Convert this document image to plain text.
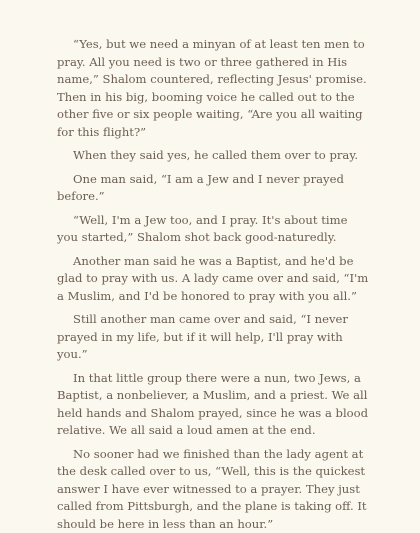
“Yes, but we need a minyan of at least ten men to pray. All you need is two or three gathered in His name,” Shalom countered, reflecting Jesus' promise. Then in his big, booming voice he called out to the other five or six people waiting, “Are you all waiting for this flight?”

When they said yes, he called them over to pray.

One man said, “I am a Jew and I never prayed before.”

“Well, I'm a Jew too, and I pray. It's about time you started,” Shalom shot back good-naturedly.

Another man said he was a Baptist, and he'd be glad to pray with us. A lady came over and said, “I'm a Muslim, and I'd be honored to pray with you all.”

Still another man came over and said, “I never prayed in my life, but if it will help, I'll pray with you.”

In that little group there were a nun, two Jews, a Baptist, a nonbeliever, a Muslim, and a priest. We all held hands and Shalom prayed, since he was a blood relative. We all said a loud amen at the end.

No sooner had we finished than the lady agent at the desk called over to us, “Well, this is the quickest answer I have ever witnessed to a prayer. They just called from Pittsburgh, and the plane is taking off. It should be here in less than an hour.”
